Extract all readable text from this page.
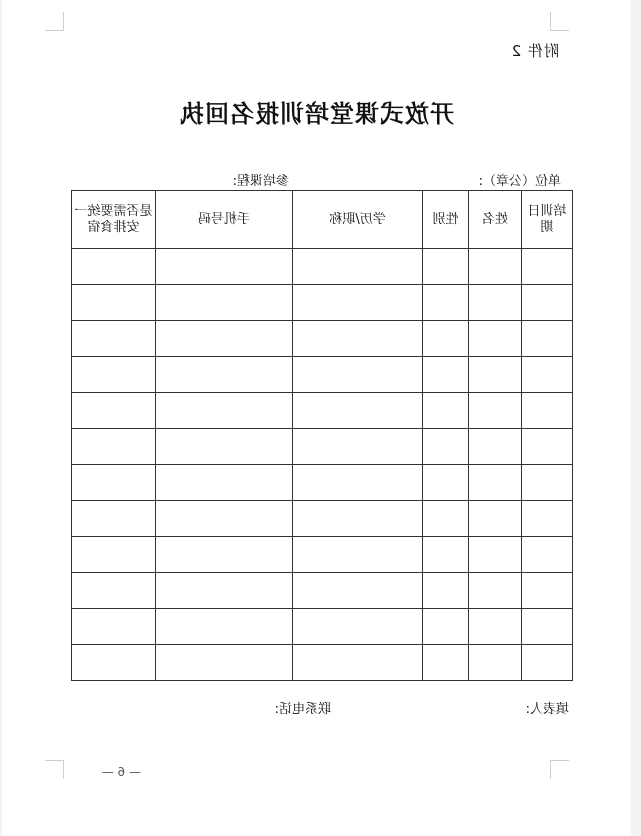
附件 2
开放式课堂培训报名回执
单位（公章）:
参培课程:
培训日期	姓名	性别	学历/职称	手机号码	是否需要统一安排食宿

填表人:
联系电话:
— 6 —
